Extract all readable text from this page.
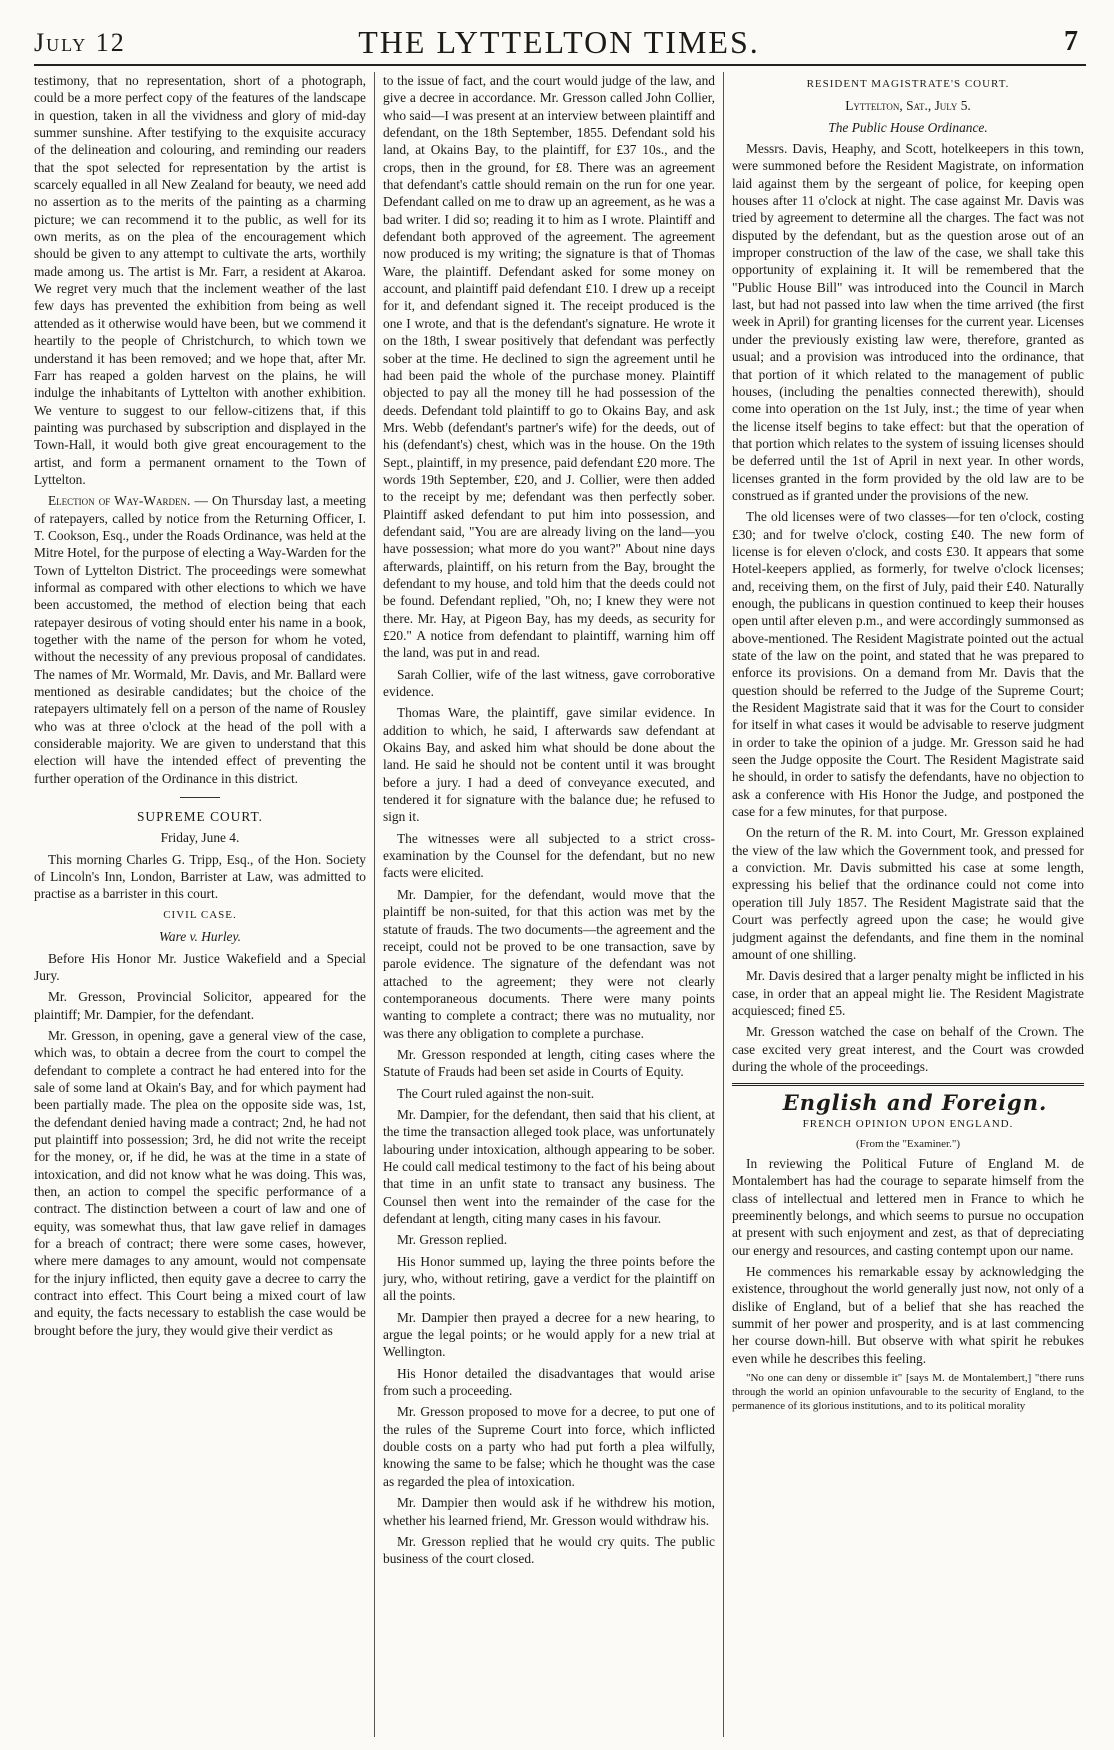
July 12	THE LYTTELTON TIMES.	7

testimony, that no representation, short of a photograph, could be a more perfect copy of the features of the landscape in question, taken in all the vividness and glory of mid-day summer sunshine. After testifying to the exquisite accuracy of the delineation and colouring, and reminding our readers that the spot selected for representation by the artist is scarcely equalled in all New Zealand for beauty, we need add no assertion as to the merits of the painting as a charming picture; we can recommend it to the public, as well for its own merits, as on the plea of the encouragement which should be given to any attempt to cultivate the arts, worthily made among us. The artist is Mr. Farr, a resident at Akaroa. We regret very much that the inclement weather of the last few days has prevented the exhibition from being as well attended as it otherwise would have been, but we commend it heartily to the people of Christchurch, to which town we understand it has been removed; and we hope that, after Mr. Farr has reaped a golden harvest on the plains, he will indulge the inhabitants of Lyttelton with another exhibition. We venture to suggest to our fellow-citizens that, if this painting was purchased by subscription and displayed in the Town-Hall, it would both give great encouragement to the artist, and form a permanent ornament to the Town of Lyttelton.

Election of Way-Warden. — On Thursday last, a meeting of ratepayers, called by notice from the Returning Officer, I. T. Cookson, Esq., under the Roads Ordinance, was held at the Mitre Hotel, for the purpose of electing a Way-Warden for the Town of Lyttelton District. The proceedings were somewhat informal as compared with other elections to which we have been accustomed, the method of election being that each ratepayer desirous of voting should enter his name in a book, together with the name of the person for whom he voted, without the necessity of any previous proposal of candidates. The names of Mr. Wormald, Mr. Davis, and Mr. Ballard were mentioned as desirable candidates; but the choice of the ratepayers ultimately fell on a person of the name of Rousley who was at three o'clock at the head of the poll with a considerable majority. We are given to understand that this election will have the intended effect of preventing the further operation of the Ordinance in this district.

SUPREME COURT.

Friday, June 4.

This morning Charles G. Tripp, Esq., of the Hon. Society of Lincoln's Inn, London, Barrister at Law, was admitted to practise as a barrister in this court.

CIVIL CASE.

Ware v. Hurley.

Before His Honor Mr. Justice Wakefield and a Special Jury.

Mr. Gresson, Provincial Solicitor, appeared for the plaintiff; Mr. Dampier, for the defendant.

Mr. Gresson, in opening, gave a general view of the case, which was, to obtain a decree from the court to compel the defendant to complete a contract he had entered into for the sale of some land at Okain's Bay, and for which payment had been partially made. The plea on the opposite side was, 1st, the defendant denied having made a contract; 2nd, he had not put plaintiff into possession; 3rd, he did not write the receipt for the money, or, if he did, he was at the time in a state of intoxication, and did not know what he was doing. This was, then, an action to compel the specific performance of a contract. The distinction between a court of law and one of equity, was somewhat thus, that law gave relief in damages for a breach of contract; there were some cases, however, where mere damages to any amount, would not compensate for the injury inflicted, then equity gave a decree to carry the contract into effect. This Court being a mixed court of law and equity, the facts necessary to establish the case would be brought before the jury, they would give their verdict as

to the issue of fact, and the court would judge of the law, and give a decree in accordance. Mr. Gresson called John Collier, who said—I was present at an interview between plaintiff and defendant, on the 18th September, 1855. Defendant sold his land, at Okains Bay, to the plaintiff, for £37 10s., and the crops, then in the ground, for £8. There was an agreement that defendant's cattle should remain on the run for one year. Defendant called on me to draw up an agreement, as he was a bad writer. I did so; reading it to him as I wrote. Plaintiff and defendant both approved of the agreement. The agreement now produced is my writing; the signature is that of Thomas Ware, the plaintiff. Defendant asked for some money on account, and plaintiff paid defendant £10. I drew up a receipt for it, and defendant signed it. The receipt produced is the one I wrote, and that is the defendant's signature. He wrote it on the 18th, I swear positively that defendant was perfectly sober at the time. He declined to sign the agreement until he had been paid the whole of the purchase money. Plaintiff objected to pay all the money till he had possession of the deeds. Defendant told plaintiff to go to Okains Bay, and ask Mrs. Webb (defendant's partner's wife) for the deeds, out of his (defendant's) chest, which was in the house. On the 19th Sept., plaintiff, in my presence, paid defendant £20 more. The words 19th September, £20, and J. Collier, were then added to the receipt by me; defendant was then perfectly sober. Plaintiff asked defendant to put him into possession, and defendant said, "You are are already living on the land—you have possession; what more do you want?" About nine days afterwards, plaintiff, on his return from the Bay, brought the defendant to my house, and told him that the deeds could not be found. Defendant replied, "Oh, no; I knew they were not there. Mr. Hay, at Pigeon Bay, has my deeds, as security for £20." A notice from defendant to plaintiff, warning him off the land, was put in and read.

Sarah Collier, wife of the last witness, gave corroborative evidence.

Thomas Ware, the plaintiff, gave similar evidence. In addition to which, he said, I afterwards saw defendant at Okains Bay, and asked him what should be done about the land. He said he should not be content until it was brought before a jury. I had a deed of conveyance executed, and tendered it for signature with the balance due; he refused to sign it.

The witnesses were all subjected to a strict cross-examination by the Counsel for the defendant, but no new facts were elicited.

Mr. Dampier, for the defendant, would move that the plaintiff be non-suited, for that this action was met by the statute of frauds. The two documents—the agreement and the receipt, could not be proved to be one transaction, save by parole evidence. The signature of the defendant was not attached to the agreement; they were not clearly contemporaneous documents. There were many points wanting to complete a contract; there was no mutuality, nor was there any obligation to complete a purchase.

Mr. Gresson responded at length, citing cases where the Statute of Frauds had been set aside in Courts of Equity.

The Court ruled against the non-suit.

Mr. Dampier, for the defendant, then said that his client, at the time the transaction alleged took place, was unfortunately labouring under intoxication, although appearing to be sober. He could call medical testimony to the fact of his being about that time in an unfit state to transact any business. The Counsel then went into the remainder of the case for the defendant at length, citing many cases in his favour.

Mr. Gresson replied.

His Honor summed up, laying the three points before the jury, who, without retiring, gave a verdict for the plaintiff on all the points.

Mr. Dampier then prayed a decree for a new hearing, to argue the legal points; or he would apply for a new trial at Wellington.

His Honor detailed the disadvantages that would arise from such a proceeding.

Mr. Gresson proposed to move for a decree, to put one of the rules of the Supreme Court into force, which inflicted double costs on a party who had put forth a plea wilfully, knowing the same to be false; which he thought was the case as regarded the plea of intoxication.

Mr. Dampier then would ask if he withdrew his motion, whether his learned friend, Mr. Gresson would withdraw his.

Mr. Gresson replied that he would cry quits. The public business of the court closed.

RESIDENT MAGISTRATE'S COURT.

Lyttelton, Sat., July 5.

The Public House Ordinance.

Messrs. Davis, Heaphy, and Scott, hotelkeepers in this town, were summoned before the Resident Magistrate, on information laid against them by the sergeant of police, for keeping open houses after 11 o'clock at night. The case against Mr. Davis was tried by agreement to determine all the charges. The fact was not disputed by the defendant, but as the question arose out of an improper construction of the law of the case, we shall take this opportunity of explaining it. It will be remembered that the "Public House Bill" was introduced into the Council in March last, but had not passed into law when the time arrived (the first week in April) for granting licenses for the current year. Licenses under the previously existing law were, therefore, granted as usual; and a provision was introduced into the ordinance, that that portion of it which related to the management of public houses, (including the penalties connected therewith), should come into operation on the 1st July, inst.; the time of year when the license itself begins to take effect: but that the operation of that portion which relates to the system of issuing licenses should be deferred until the 1st of April in next year. In other words, licenses granted in the form provided by the old law are to be construed as if granted under the provisions of the new.

The old licenses were of two classes—for ten o'clock, costing £30; and for twelve o'clock, costing £40. The new form of license is for eleven o'clock, and costs £30. It appears that some Hotel-keepers applied, as formerly, for twelve o'clock licenses; and, receiving them, on the first of July, paid their £40. Naturally enough, the publicans in question continued to keep their houses open until after eleven p.m., and were accordingly summonsed as above-mentioned. The Resident Magistrate pointed out the actual state of the law on the point, and stated that he was prepared to enforce its provisions. On a demand from Mr. Davis that the question should be referred to the Judge of the Supreme Court; the Resident Magistrate said that it was for the Court to consider for itself in what cases it would be advisable to reserve judgment in order to take the opinion of a judge. Mr. Gresson said he had seen the Judge opposite the Court. The Resident Magistrate said he should, in order to satisfy the defendants, have no objection to ask a conference with His Honor the Judge, and postponed the case for a few minutes, for that purpose.

On the return of the R. M. into Court, Mr. Gresson explained the view of the law which the Government took, and pressed for a conviction. Mr. Davis submitted his case at some length, expressing his belief that the ordinance could not come into operation till July 1857. The Resident Magistrate said that the Court was perfectly agreed upon the case; he would give judgment against the defendants, and fine them in the nominal amount of one shilling.

Mr. Davis desired that a larger penalty might be inflicted in his case, in order that an appeal might lie. The Resident Magistrate acquiesced; fined £5.

Mr. Gresson watched the case on behalf of the Crown. The case excited very great interest, and the Court was crowded during the whole of the proceedings.

English and Foreign.

FRENCH OPINION UPON ENGLAND.

(From the "Examiner.")

In reviewing the Political Future of England M. de Montalembert has had the courage to separate himself from the class of intellectual and lettered men in France to which he preeminently belongs, and which seems to pursue no occupation at present with such enjoyment and zest, as that of depreciating our energy and resources, and casting contempt upon our name.

He commences his remarkable essay by acknowledging the existence, throughout the world generally just now, not only of a dislike of England, but of a belief that she has reached the summit of her power and prosperity, and is at last commencing her course down-hill. But observe with what spirit he rebukes even while he describes this feeling.

"No one can deny or dissemble it" [says M. de Montalembert,] "there runs through the world an opinion unfavourable to the security of England, to the permanence of its glorious institutions, and to its political morality
